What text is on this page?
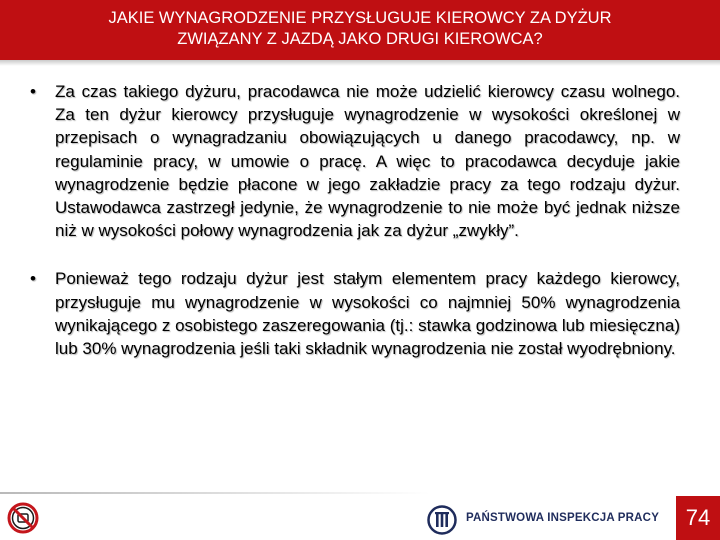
JAKIE WYNAGRODZENIE PRZYSŁUGUJE KIEROWCY ZA DYŻUR
ZWIĄZANY Z JAZDĄ JAKO DRUGI KIEROWCA?
• Za czas takiego dyżuru, pracodawca nie może udzielić kierowcy czasu wolnego. Za ten dyżur kierowcy przysługuje wynagrodzenie w wysokości określonej w przepisach o wynagradzaniu obowiązujących u danego pracodawcy, np. w regulaminie pracy, w umowie o pracę. A więc to pracodawca decyduje jakie wynagrodzenie będzie płacone w jego zakładzie pracy za tego rodzaju dyżur. Ustawodawca zastrzegł jedynie, że wynagrodzenie to nie może być jednak niższe niż w wysokości połowy wynagrodzenia jak za dyżur „zwykły”.
• Ponieważ tego rodzaju dyżur jest stałym elementem pracy każdego kierowcy, przysługuje mu wynagrodzenie w wysokości co najmniej 50% wynagrodzenia wynikającego z osobistego zaszeregowania (tj.: stawka godzinowa lub miesięczna) lub 30% wynagrodzenia jeśli taki składnik wynagrodzenia nie został wyodrębniony.
PAŃSTWOWA INSPEKCJA PRACY	74
